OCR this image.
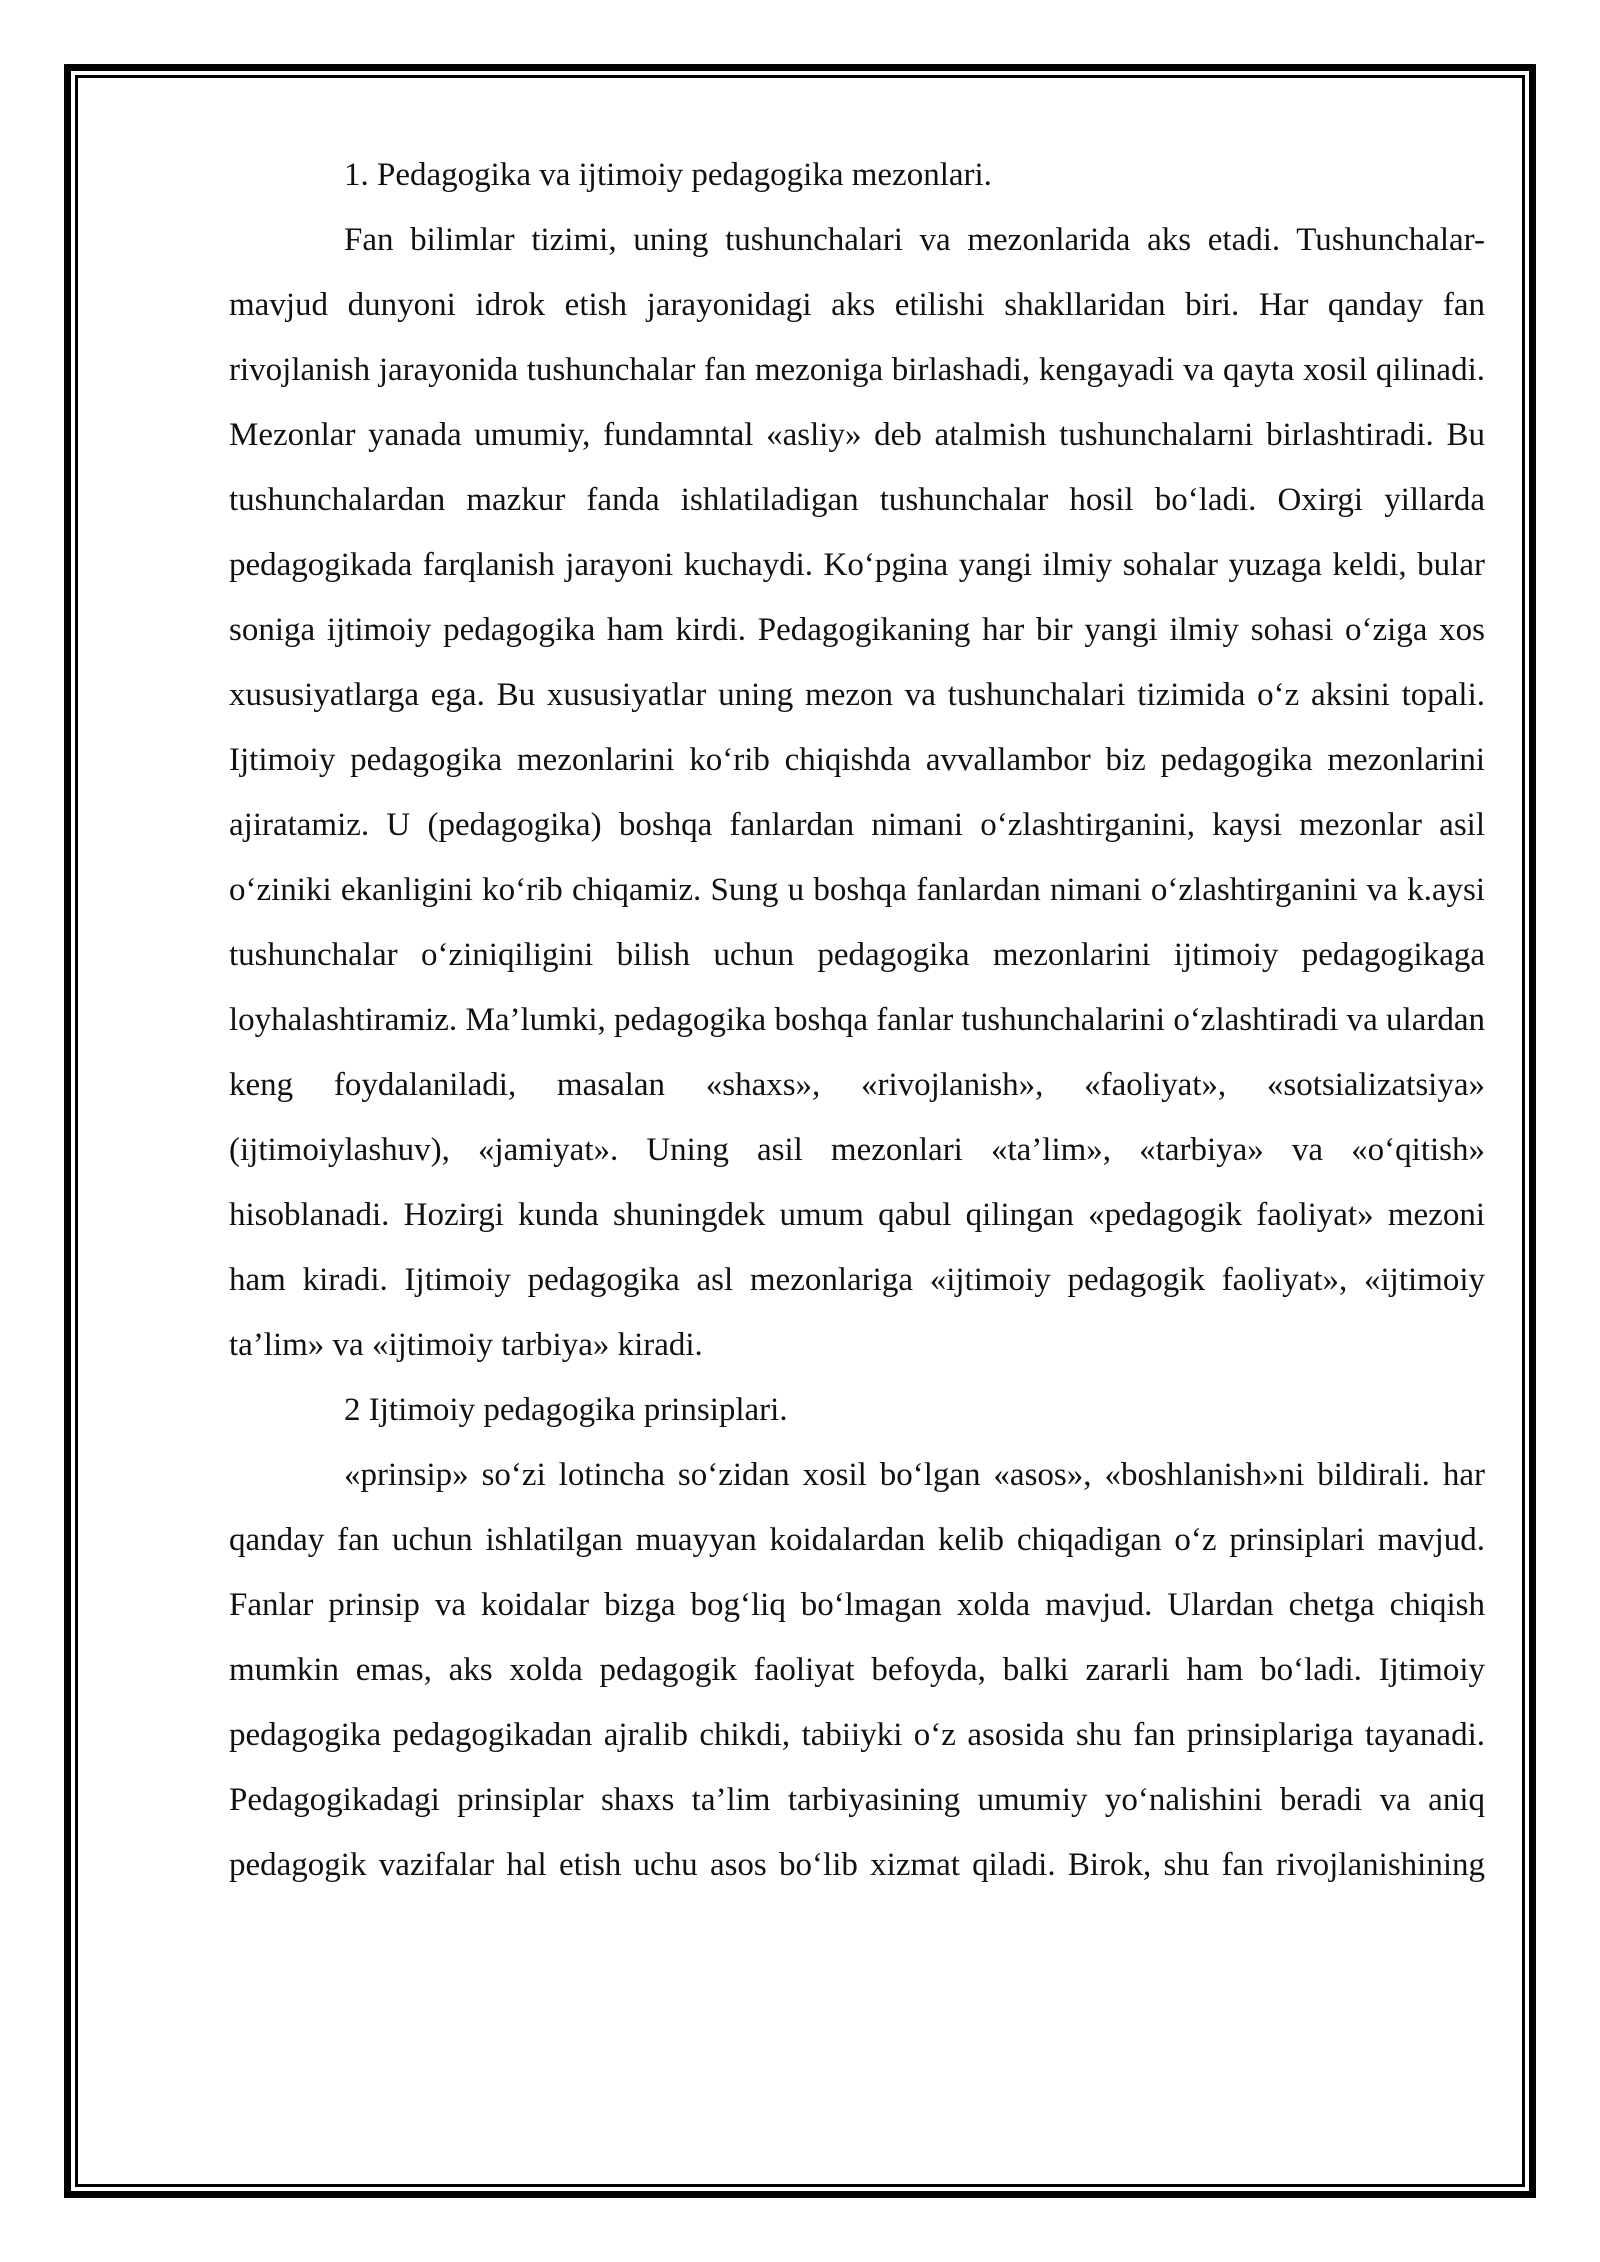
1. Pedagogika va ijtimoiy pedagogika mezonlari.

Fan bilimlar tizimi, uning tushunchalari va mezonlarida aks etadi. Tushunchalar-mavjud dunyoni idrok etish jarayonidagi aks etilishi shakllaridan biri. Har qanday fan rivojlanish jarayonida tushunchalar fan mezoniga birlashadi, kengayadi va qayta xosil qilinadi. Mezonlar yanada umumiy, fundamntal «asliy» deb atalmish tushunchalarni birlashtiradi. Bu tushunchalardan mazkur fanda ishlatiladigan tushunchalar hosil bo‘ladi. Oxirgi yillarda pedagogikada farqlanish jarayoni kuchaydi. Ko‘pgina yangi ilmiy sohalar yuzaga keldi, bular soniga ijtimoiy pedagogika ham kirdi. Pedagogikaning har bir yangi ilmiy sohasi o‘ziga xos xususiyatlarga ega. Bu xususiyatlar uning mezon va tushunchalari tizimida o‘z aksini topali. Ijtimoiy pedagogika mezonlarini ko‘rib chiqishda avvallambor biz pedagogika mezonlarini ajiratamiz. U (pedagogika) boshqa fanlardan nimani o‘zlashtirganini, kaysi mezonlar asil o‘ziniki ekanligini ko‘rib chiqamiz. Sung u boshqa fanlardan nimani o‘zlashtirganini va k.aysi tushunchalar o‘ziniqiligini bilish uchun pedagogika mezonlarini ijtimoiy pedagogikaga loyhalashtiramiz. Ma’lumki, pedagogika boshqa fanlar tushunchalarini o‘zlashtiradi va ulardan keng foydalaniladi, masalan «shaxs», «rivojlanish», «faoliyat», «sotsializatsiya» (ijtimoiylashuv), «jamiyat». Uning asil mezonlari «ta’lim», «tarbiya» va «o‘qitish» hisoblanadi. Hozirgi kunda shuningdek umum qabul qilingan «pedagogik faoliyat» mezoni ham kiradi. Ijtimoiy pedagogika asl mezonlariga «ijtimoiy pedagogik faoliyat», «ijtimoiy ta’lim» va «ijtimoiy tarbiya» kiradi.

2 Ijtimoiy pedagogika prinsiplari.

«prinsip» so‘zi lotincha so‘zidan xosil bo‘lgan «asos», «boshlanish»ni bildirali. har qanday fan uchun ishlatilgan muayyan koidalardan kelib chiqadigan o‘z prinsiplari mavjud. Fanlar prinsip va koidalar bizga bog‘liq bo‘lmagan xolda mavjud. Ulardan chetga chiqish mumkin emas, aks xolda pedagogik faoliyat befoyda, balki zararli ham bo‘ladi. Ijtimoiy pedagogika pedagogikadan ajralib chikdi, tabiiyki o‘z asosida shu fan prinsiplariga tayanadi. Pedagogikadagi prinsiplar shaxs ta’lim tarbiyasining umumiy yo‘nalishini beradi va aniq pedagogik vazifalar hal etish uchu asos bo‘lib xizmat qiladi. Birok, shu fan rivojlanishining
